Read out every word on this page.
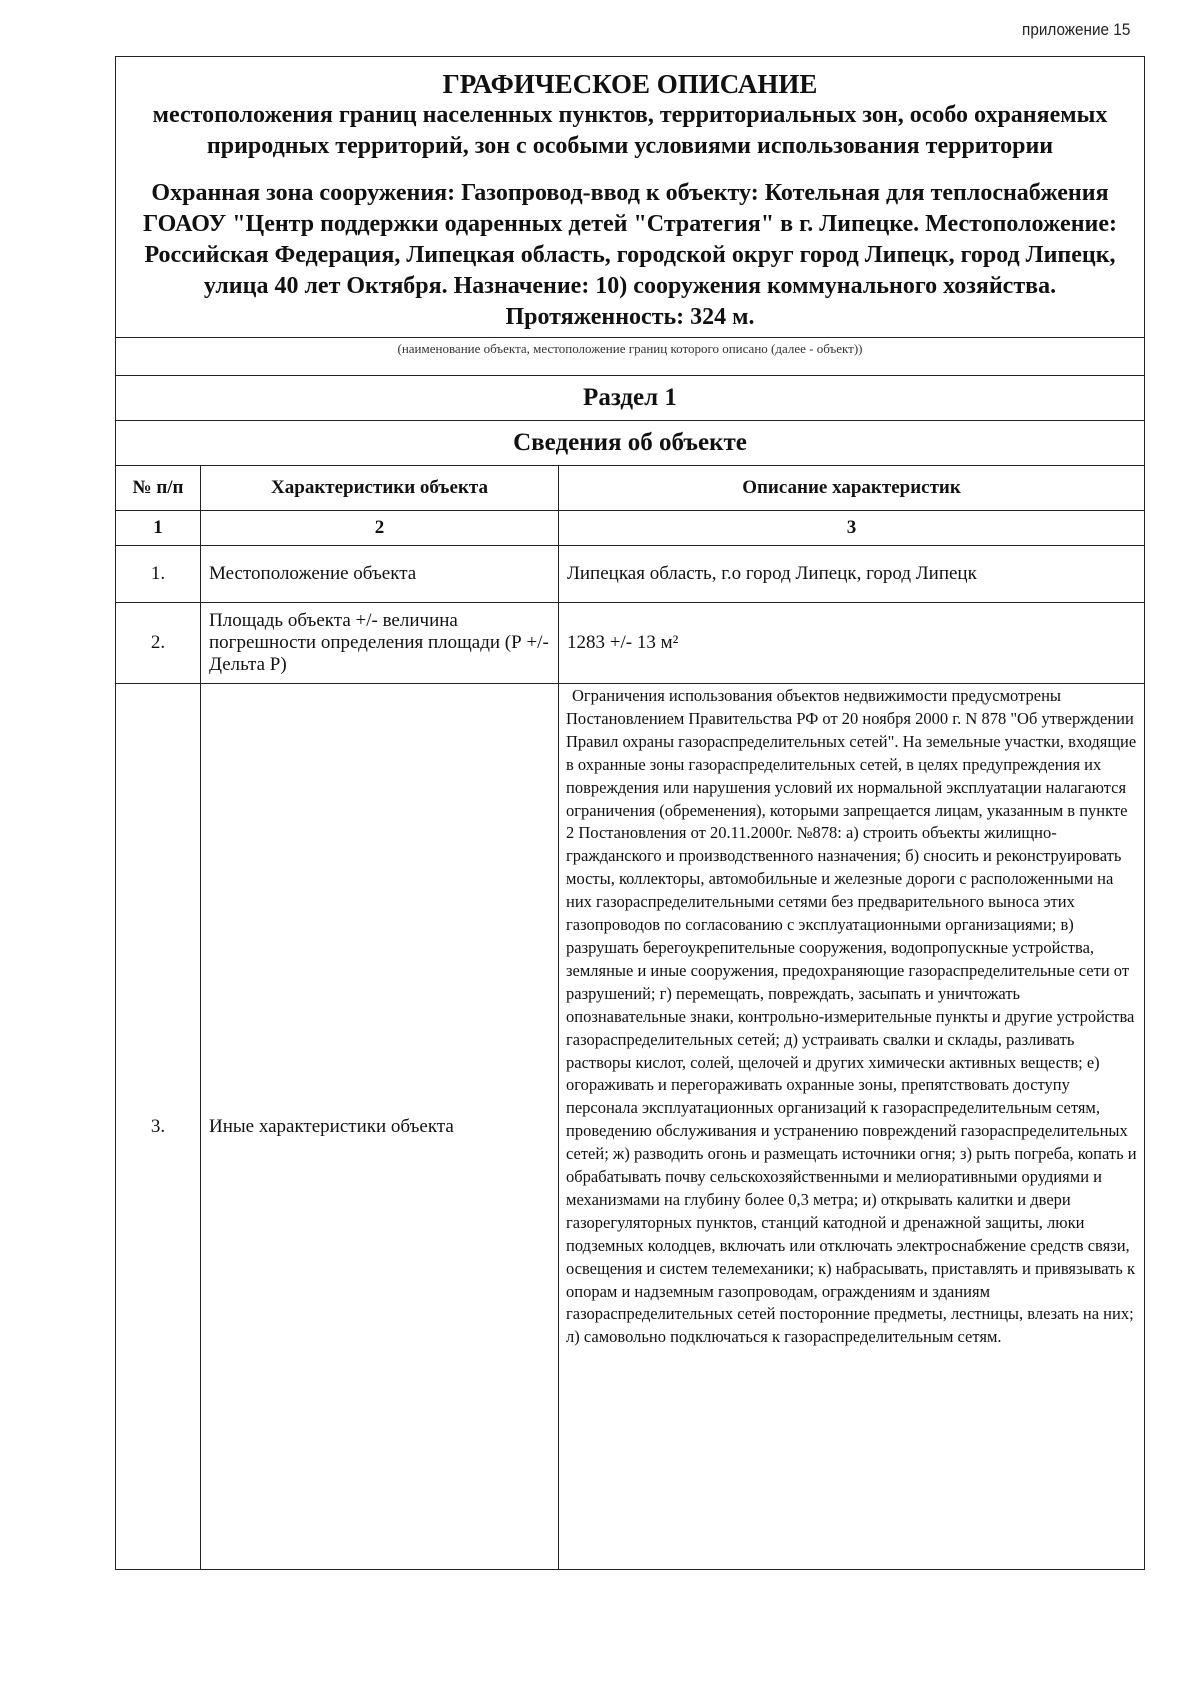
приложение 15
ГРАФИЧЕСКОЕ ОПИСАНИЕ
местоположения границ населенных пунктов, территориальных зон, особо охраняемых природных территорий, зон с особыми условиями использования территории
Охранная зона сооружения: Газопровод-ввод к объекту: Котельная для теплоснабжения ГОАОУ "Центр поддержки одаренных детей "Стратегия" в г. Липецке. Местоположение: Российская Федерация, Липецкая область, городской округ город Липецк, город Липецк, улица 40 лет Октября. Назначение: 10) сооружения коммунального хозяйства. Протяженность: 324 м.
(наименование объекта, местоположение границ которого описано (далее - объект))
Раздел 1
Сведения об объекте
№ п/п	Характеристики объекта	Описание характеристик
1	2	3
1.	Местоположение объекта	Липецкая область, г.о город Липецк, город Липецк
2.	Площадь объекта +/- величина погрешности определения площади (Р +/- Дельта Р)	1283 +/- 13 м²
3.	Иные характеристики объекта	Ограничения использования объектов недвижимости предусмотрены Постановлением Правительства РФ от 20 ноября 2000 г. N 878 "Об утверждении Правил охраны газораспределительных сетей". На земельные участки, входящие в охранные зоны газораспределительных сетей, в целях предупреждения их повреждения или нарушения условий их нормальной эксплуатации налагаются ограничения (обременения), которыми запрещается лицам, указанным в пункте 2 Постановления от 20.11.2000г. №878: а) строить объекты жилищно-гражданского и производственного назначения; б) сносить и реконструировать мосты, коллекторы, автомобильные и железные дороги с расположенными на них газораспределительными сетями без предварительного выноса этих газопроводов по согласованию с эксплуатационными организациями; в) разрушать берегоукрепительные сооружения, водопропускные устройства, земляные и иные сооружения, предохраняющие газораспределительные сети от разрушений; г) перемещать, повреждать, засыпать и уничтожать опознавательные знаки, контрольно-измерительные пункты и другие устройства газораспределительных сетей; д) устраивать свалки и склады, разливать растворы кислот, солей, щелочей и других химически активных веществ; е) огораживать и перегораживать охранные зоны, препятствовать доступу персонала эксплуатационных организаций к газораспределительным сетям, проведению обслуживания и устранению повреждений газораспределительных сетей; ж) разводить огонь и размещать источники огня; з) рыть погреба, копать и обрабатывать почву сельскохозяйственными и мелиоративными орудиями и механизмами на глубину более 0,3 метра; и) открывать калитки и двери газорегуляторных пунктов, станций катодной и дренажной защиты, люки подземных колодцев, включать или отключать электроснабжение средств связи, освещения и систем телемеханики; к) набрасывать, приставлять и привязывать к опорам и надземным газопроводам, ограждениям и зданиям газораспределительных сетей посторонние предметы, лестницы, влезать на них; л) самовольно подключаться к газораспределительным сетям.
